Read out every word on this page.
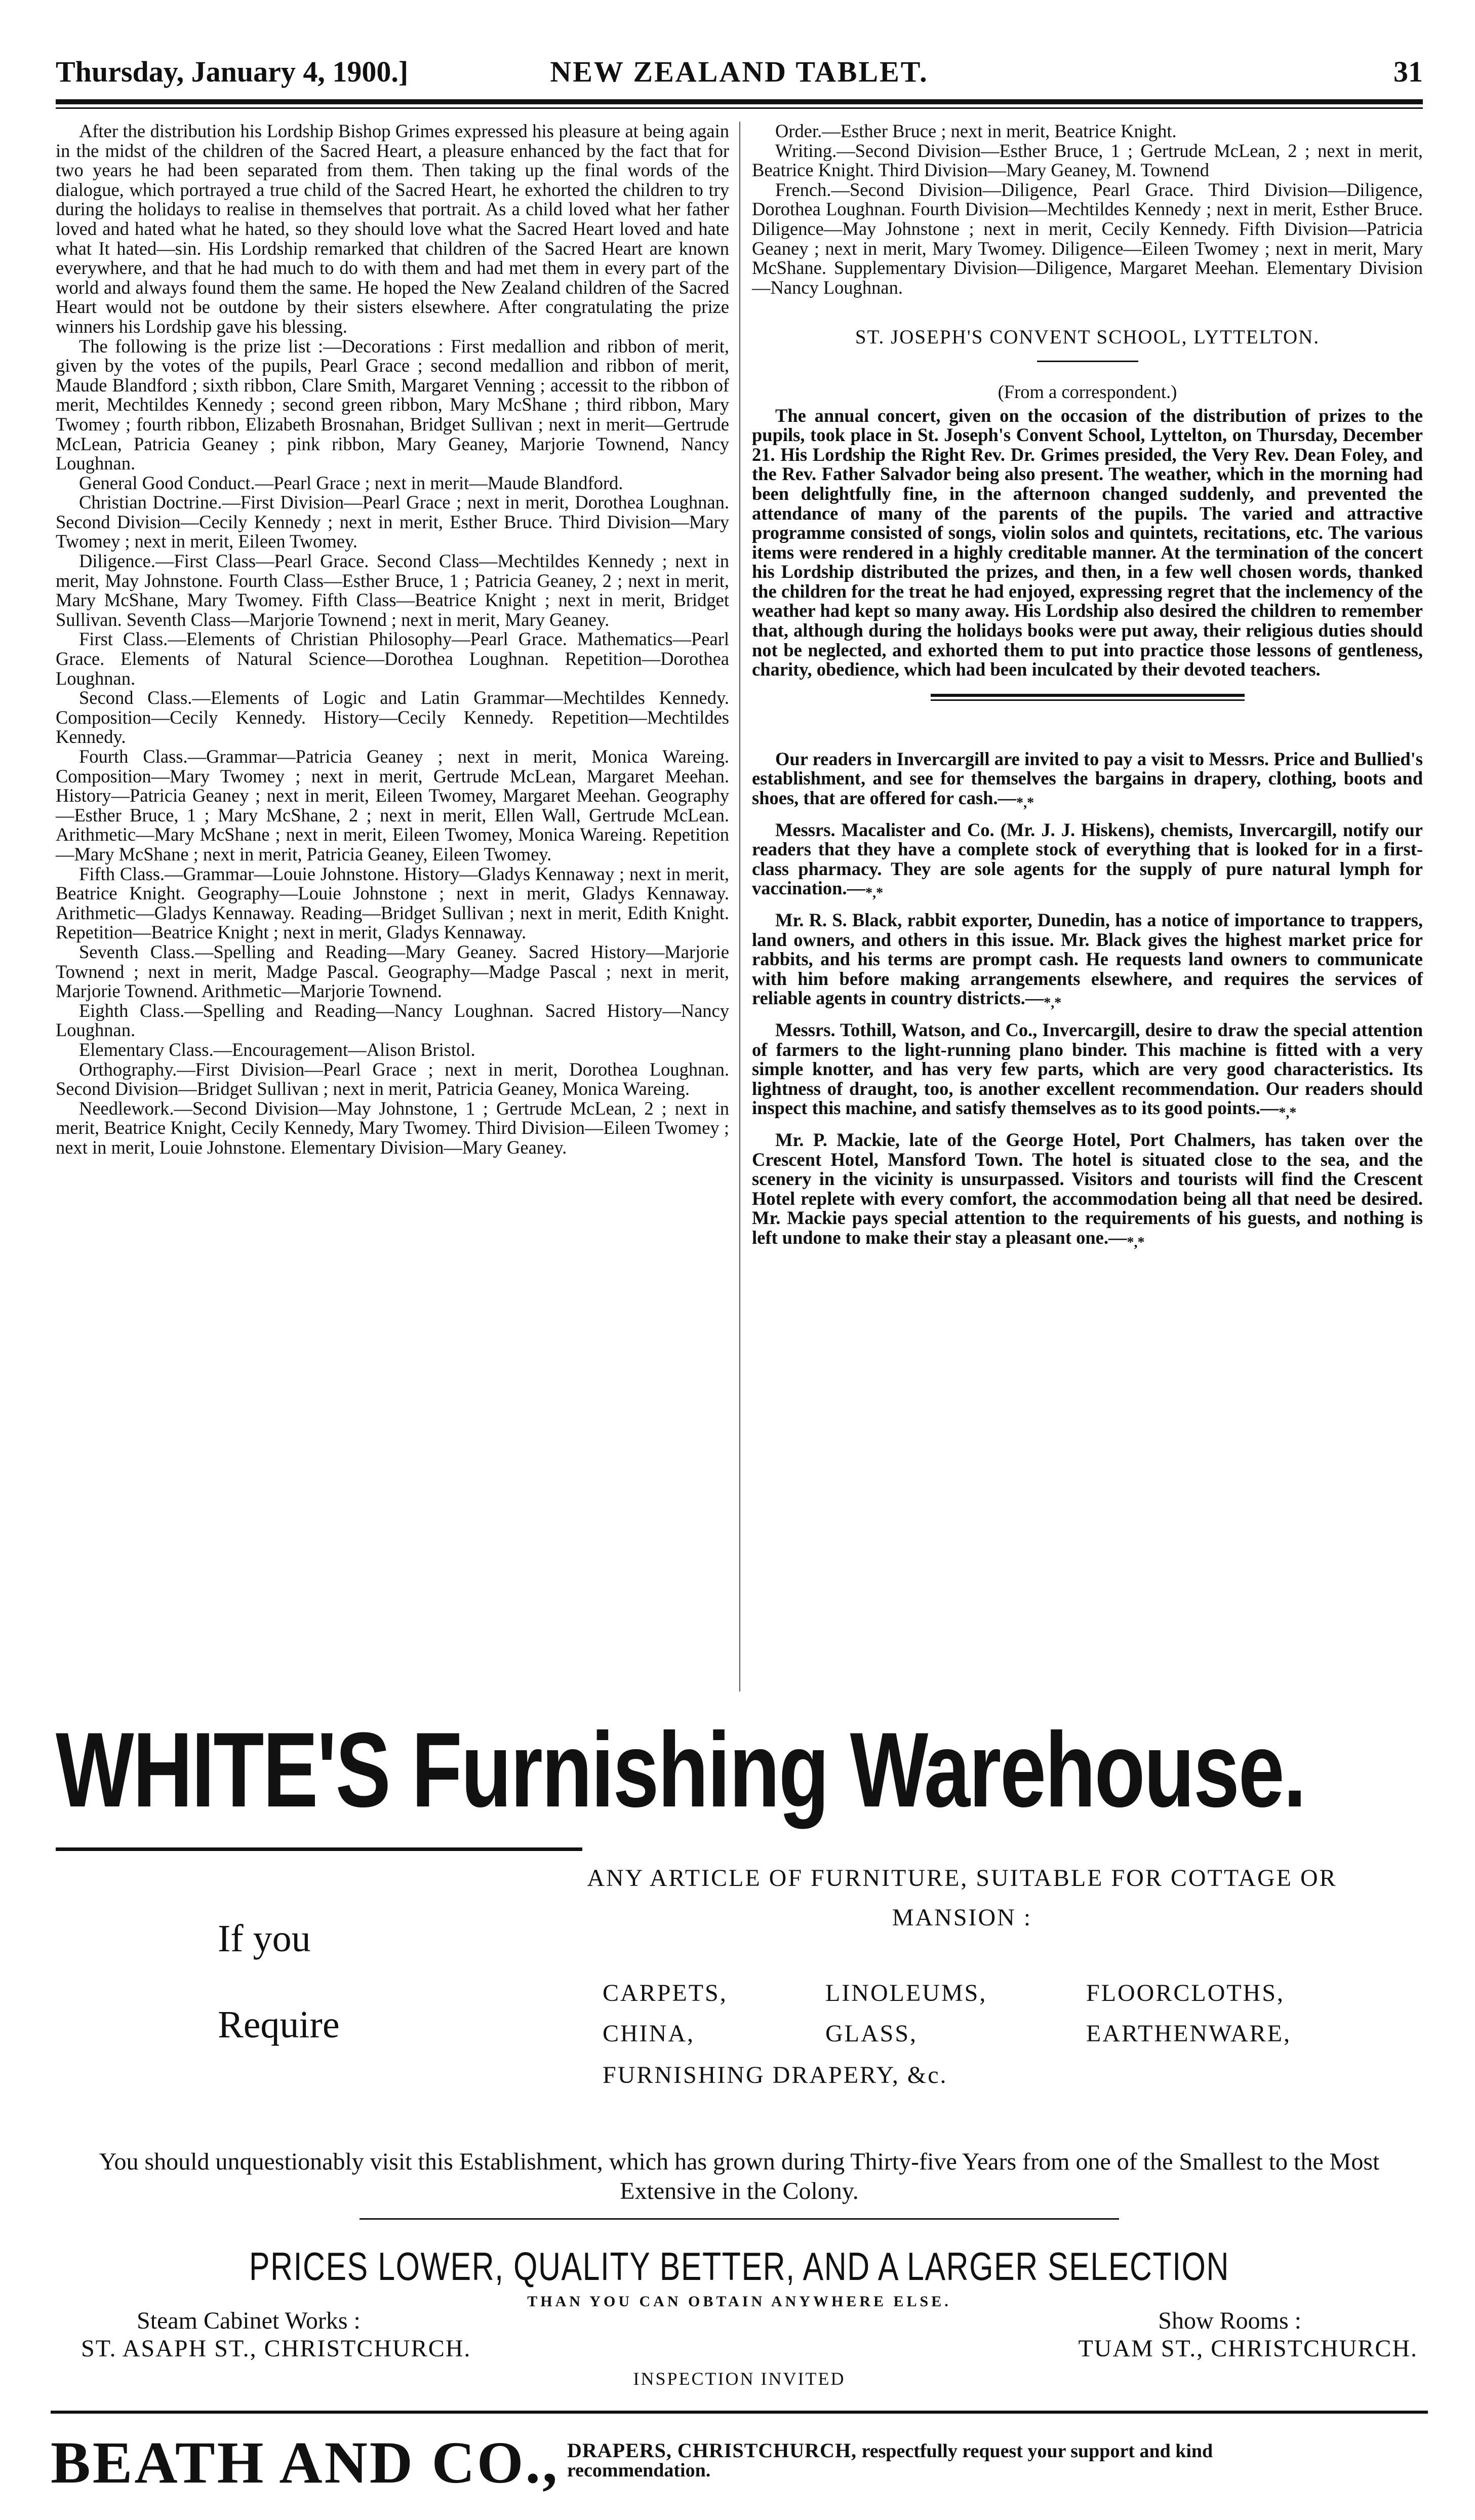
Thursday, January 4, 1900.]	NEW ZEALAND TABLET.	31

After the distribution his Lordship Bishop Grimes expressed his pleasure at being again in the midst of the children of the Sacred Heart, a pleasure enhanced by the fact that for two years he had been separated from them. Then taking up the final words of the dialogue, which portrayed a true child of the Sacred Heart, he exhorted the children to try during the holidays to realise in themselves that portrait. As a child loved what her father loved and hated what he hated, so they should love what the Sacred Heart loved and hate what It hated—sin. His Lordship remarked that children of the Sacred Heart are known everywhere, and that he had much to do with them and had met them in every part of the world and always found them the same. He hoped the New Zealand children of the Sacred Heart would not be outdone by their sisters elsewhere. After congratulating the prize winners his Lordship gave his blessing.

The following is the prize list :—Decorations : First medallion and ribbon of merit, given by the votes of the pupils, Pearl Grace ; second medallion and ribbon of merit, Maude Blandford ; sixth ribbon, Clare Smith, Margaret Venning ; accessit to the ribbon of merit, Mechtildes Kennedy ; second green ribbon, Mary McShane ; third ribbon, Mary Twomey ; fourth ribbon, Elizabeth Brosnahan, Bridget Sullivan ; next in merit—Gertrude McLean, Patricia Geaney ; pink ribbon, Mary Geaney, Marjorie Townend, Nancy Loughnan.

General Good Conduct.—Pearl Grace ; next in merit—Maude Blandford.

Christian Doctrine.—First Division—Pearl Grace ; next in merit, Dorothea Loughnan. Second Division—Cecily Kennedy ; next in merit, Esther Bruce. Third Division—Mary Twomey ; next in merit, Eileen Twomey.

Diligence.—First Class—Pearl Grace. Second Class—Mechtildes Kennedy ; next in merit, May Johnstone. Fourth Class—Esther Bruce, 1 ; Patricia Geaney, 2 ; next in merit, Mary McShane, Mary Twomey. Fifth Class—Beatrice Knight ; next in merit, Bridget Sullivan. Seventh Class—Marjorie Townend ; next in merit, Mary Geaney.

First Class.—Elements of Christian Philosophy—Pearl Grace. Mathematics—Pearl Grace. Elements of Natural Science—Dorothea Loughnan. Repetition—Dorothea Loughnan.

Second Class.—Elements of Logic and Latin Grammar—Mechtildes Kennedy. Composition—Cecily Kennedy. History—Cecily Kennedy. Repetition—Mechtildes Kennedy.

Fourth Class.—Grammar—Patricia Geaney ; next in merit, Monica Wareing. Composition—Mary Twomey ; next in merit, Gertrude McLean, Margaret Meehan. History—Patricia Geaney ; next in merit, Eileen Twomey, Margaret Meehan. Geography—Esther Bruce, 1 ; Mary McShane, 2 ; next in merit, Ellen Wall, Gertrude McLean. Arithmetic—Mary McShane ; next in merit, Eileen Twomey, Monica Wareing. Repetition—Mary McShane ; next in merit, Patricia Geaney, Eileen Twomey.

Fifth Class.—Grammar—Louie Johnstone. History—Gladys Kennaway ; next in merit, Beatrice Knight. Geography—Louie Johnstone ; next in merit, Gladys Kennaway. Arithmetic—Gladys Kennaway. Reading—Bridget Sullivan ; next in merit, Edith Knight. Repetition—Beatrice Knight ; next in merit, Gladys Kennaway.

Seventh Class.—Spelling and Reading—Mary Geaney. Sacred History—Marjorie Townend ; next in merit, Madge Pascal. Geography—Madge Pascal ; next in merit, Marjorie Townend. Arithmetic—Marjorie Townend.

Eighth Class.—Spelling and Reading—Nancy Loughnan. Sacred History—Nancy Loughnan.

Elementary Class.—Encouragement—Alison Bristol.

Orthography.—First Division—Pearl Grace ; next in merit, Dorothea Loughnan. Second Division—Bridget Sullivan ; next in merit, Patricia Geaney, Monica Wareing.

Needlework.—Second Division—May Johnstone, 1 ; Gertrude McLean, 2 ; next in merit, Beatrice Knight, Cecily Kennedy, Mary Twomey. Third Division—Eileen Twomey ; next in merit, Louie Johnstone. Elementary Division—Mary Geaney.

Order.—Esther Bruce ; next in merit, Beatrice Knight.

Writing.—Second Division—Esther Bruce, 1 ; Gertrude McLean, 2 ; next in merit, Beatrice Knight. Third Division—Mary Geaney, M. Townend

French.—Second Division—Diligence, Pearl Grace. Third Division—Diligence, Dorothea Loughnan. Fourth Division—Mechtildes Kennedy ; next in merit, Esther Bruce. Diligence—May Johnstone ; next in merit, Cecily Kennedy. Fifth Division—Patricia Geaney ; next in merit, Mary Twomey. Diligence—Eileen Twomey ; next in merit, Mary McShane. Supplementary Division—Diligence, Margaret Meehan. Elementary Division—Nancy Loughnan.

ST. JOSEPH'S CONVENT SCHOOL, LYTTELTON.

(From a correspondent.)

The annual concert, given on the occasion of the distribution of prizes to the pupils, took place in St. Joseph's Convent School, Lyttelton, on Thursday, December 21. His Lordship the Right Rev. Dr. Grimes presided, the Very Rev. Dean Foley, and the Rev. Father Salvador being also present. The weather, which in the morning had been delightfully fine, in the afternoon changed suddenly, and prevented the attendance of many of the parents of the pupils. The varied and attractive programme consisted of songs, violin solos and quintets, recitations, etc. The various items were rendered in a highly creditable manner. At the termination of the concert his Lordship distributed the prizes, and then, in a few well chosen words, thanked the children for the treat he had enjoyed, expressing regret that the inclemency of the weather had kept so many away. His Lordship also desired the children to remember that, although during the holidays books were put away, their religious duties should not be neglected, and exhorted them to put into practice those lessons of gentleness, charity, obedience, which had been inculcated by their devoted teachers.

Our readers in Invercargill are invited to pay a visit to Messrs. Price and Bullied's establishment, and see for themselves the bargains in drapery, clothing, boots and shoes, that are offered for cash.—*,*

Messrs. Macalister and Co. (Mr. J. J. Hiskens), chemists, Invercargill, notify our readers that they have a complete stock of everything that is looked for in a first-class pharmacy. They are sole agents for the supply of pure natural lymph for vaccination.—*,*

Mr. R. S. Black, rabbit exporter, Dunedin, has a notice of importance to trappers, land owners, and others in this issue. Mr. Black gives the highest market price for rabbits, and his terms are prompt cash. He requests land owners to communicate with him before making arrangements elsewhere, and requires the services of reliable agents in country districts.—*,*

Messrs. Tothill, Watson, and Co., Invercargill, desire to draw the special attention of farmers to the light-running plano binder. This machine is fitted with a very simple knotter, and has very few parts, which are very good characteristics. Its lightness of draught, too, is another excellent recommendation. Our readers should inspect this machine, and satisfy themselves as to its good points.—*,*

Mr. P. Mackie, late of the George Hotel, Port Chalmers, has taken over the Crescent Hotel, Mansford Town. The hotel is situated close to the sea, and the scenery in the vicinity is unsurpassed. Visitors and tourists will find the Crescent Hotel replete with every comfort, the accommodation being all that need be desired. Mr. Mackie pays special attention to the requirements of his guests, and nothing is left undone to make their stay a pleasant one.—*,*

WHITE'S Furnishing Warehouse.
ANY ARTICLE OF FURNITURE, SUITABLE FOR COTTAGE OR
MANSION :
If you
Require
CARPETS,	LINOLEUMS,	FLOORCLOTHS,
CHINA,	GLASS,	EARTHENWARE,
FURNISHING DRAPERY, &c.
You should unquestionably visit this Establishment, which has grown during Thirty-five Years from one of the Smallest to the Most Extensive in the Colony.
PRICES LOWER, QUALITY BETTER, AND A LARGER SELECTION
THAN YOU CAN OBTAIN ANYWHERE ELSE.
Steam Cabinet Works :
ST. ASAPH ST., CHRISTCHURCH.
Show Rooms :
TUAM ST., CHRISTCHURCH.
INSPECTION INVITED
BEATH AND CO., DRAPERS, CHRISTCHURCH, respectfully request your support and kind
recommendation.
